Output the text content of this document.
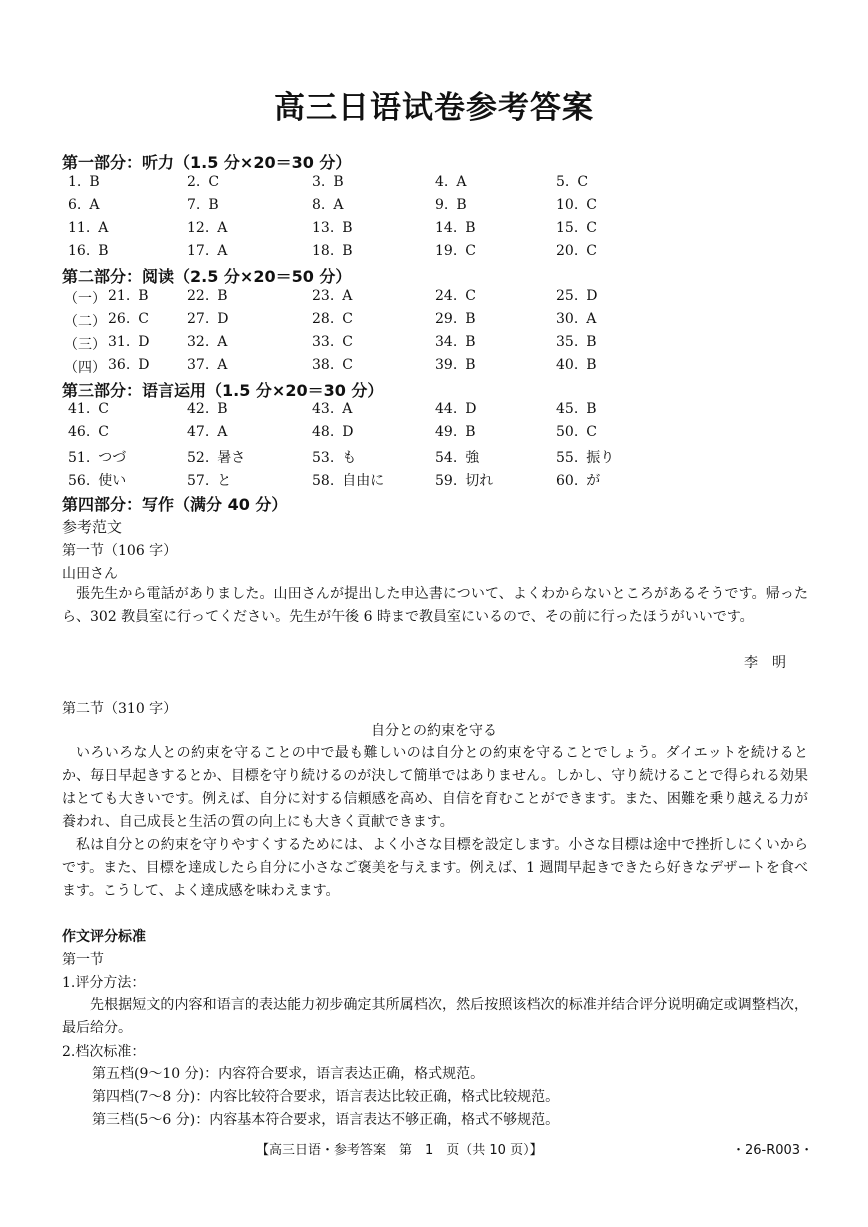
高三日语试卷参考答案
第一部分：听力（1.5 分×20＝30 分）
1. B	2. C	3. B	4. A	5. C
6. A	7. B	8. A	9. B	10. C
11. A	12. A	13. B	14. B	15. C
16. B	17. A	18. B	19. C	20. C
第二部分：阅读（2.5 分×20＝50 分）
（一） 21. B	22. B	23. A	24. C	25. D
（二） 26. C	27. D	28. C	29. B	30. A
（三） 31. D	32. A	33. C	34. B	35. B
（四） 36. D	37. A	38. C	39. B	40. B
第三部分：语言运用（1.5 分×20＝30 分）
41. C	42. B	43. A	44. D	45. B
46. C	47. A	48. D	49. B	50. C
51. つづ	52. 暑さ	53. も	54. 強	55. 振り
56. 使い	57. と	58. 自由に	59. 切れ	60. が
第四部分：写作（满分 40 分）
参考范文
第一节（106 字）
山田さん
張先生から電話がありました。山田さんが提出した申込書について、よくわからないところがあるそうです。帰ったら、302 教員室に行ってください。先生が午後 6 時まで教員室にいるので、その前に行ったほうがいいです。
李　明
第二节（310 字）
自分との約束を守る
いろいろな人との約束を守ることの中で最も難しいのは自分との約束を守ることでしょう。ダイエットを続けるとか、毎日早起きするとか、目標を守り続けるのが決して簡単ではありません。しかし、守り続けることで得られる効果はとても大きいです。例えば、自分に対する信頼感を高め、自信を育むことができます。また、困難を乗り越える力が養われ、自己成長と生活の質の向上にも大きく貢献できます。
私は自分との約束を守りやすくするためには、よく小さな目標を設定します。小さな目標は途中で挫折しにくいからです。また、目標を達成したら自分に小さなご褒美を与えます。例えば、1 週間早起きできたら好きなデザートを食べます。こうして、よく達成感を味わえます。
作文评分标准
第一节
1.评分方法：
先根据短文的内容和语言的表达能力初步确定其所属档次，然后按照该档次的标准并结合评分说明确定或调整档次，最后给分。
2.档次标准：
第五档(9～10 分)：内容符合要求，语言表达正确，格式规范。
第四档(7～8 分)：内容比较符合要求，语言表达比较正确，格式比较规范。
第三档(5～6 分)：内容基本符合要求，语言表达不够正确，格式不够规范。
【高三日语・参考答案　第　1　页（共 10 页）】	・26-R003・
